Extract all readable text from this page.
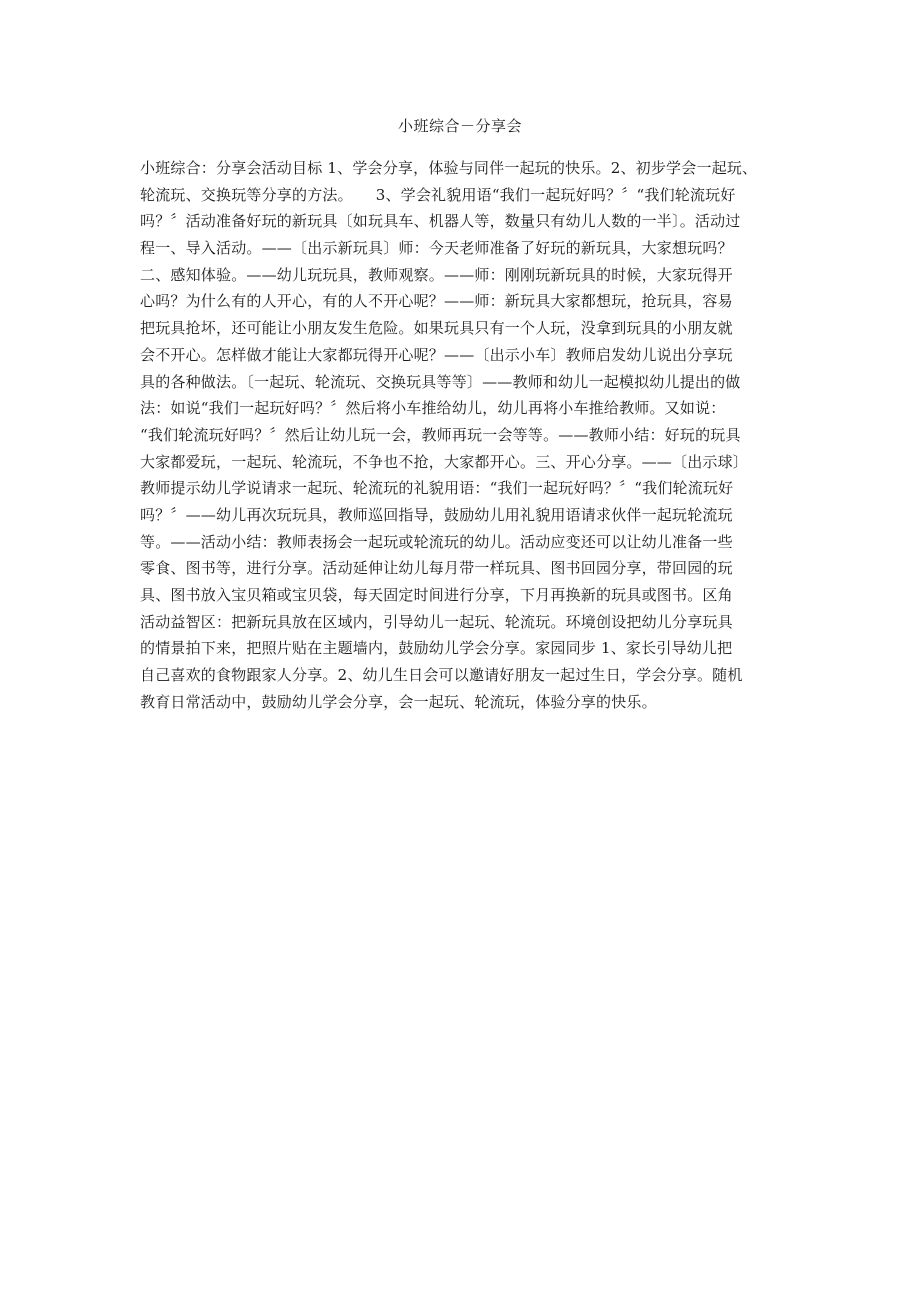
小班综合－分享会
小班综合：分享会活动目标 1、学会分享，体验与同伴一起玩的快乐。2、初步学会一起玩、
轮流玩、交换玩等分享的方法。　　3、学会礼貌用语“我们一起玩好吗？〞“我们轮流玩好
吗？〞活动准备好玩的新玩具〔如玩具车、机器人等，数量只有幼儿人数的一半〕。活动过
程一、导入活动。——〔出示新玩具〕师：今天老师准备了好玩的新玩具，大家想玩吗？
二、感知体验。——幼儿玩玩具，教师观察。——师：刚刚玩新玩具的时候，大家玩得开
心吗？为什么有的人开心，有的人不开心呢？——师：新玩具大家都想玩，抢玩具，容易
把玩具抢坏，还可能让小朋友发生危险。如果玩具只有一个人玩，没拿到玩具的小朋友就
会不开心。怎样做才能让大家都玩得开心呢？——〔出示小车〕教师启发幼儿说出分享玩
具的各种做法。〔一起玩、轮流玩、交换玩具等等〕——教师和幼儿一起模拟幼儿提出的做
法：如说“我们一起玩好吗？〞然后将小车推给幼儿，幼儿再将小车推给教师。又如说：
“我们轮流玩好吗？〞然后让幼儿玩一会，教师再玩一会等等。——教师小结：好玩的玩具
大家都爱玩，一起玩、轮流玩，不争也不抢，大家都开心。三、开心分享。——〔出示球〕
教师提示幼儿学说请求一起玩、轮流玩的礼貌用语：“我们一起玩好吗？〞“我们轮流玩好
吗？〞——幼儿再次玩玩具，教师巡回指导，鼓励幼儿用礼貌用语请求伙伴一起玩轮流玩
等。——活动小结：教师表扬会一起玩或轮流玩的幼儿。活动应变还可以让幼儿准备一些
零食、图书等，进行分享。活动延伸让幼儿每月带一样玩具、图书回园分享，带回园的玩
具、图书放入宝贝箱或宝贝袋，每天固定时间进行分享，下月再换新的玩具或图书。区角
活动益智区：把新玩具放在区域内，引导幼儿一起玩、轮流玩。环境创设把幼儿分享玩具
的情景拍下来，把照片贴在主题墙内，鼓励幼儿学会分享。家园同步 1、家长引导幼儿把
自己喜欢的食物跟家人分享。2、幼儿生日会可以邀请好朋友一起过生日，学会分享。随机
教育日常活动中，鼓励幼儿学会分享，会一起玩、轮流玩，体验分享的快乐。
